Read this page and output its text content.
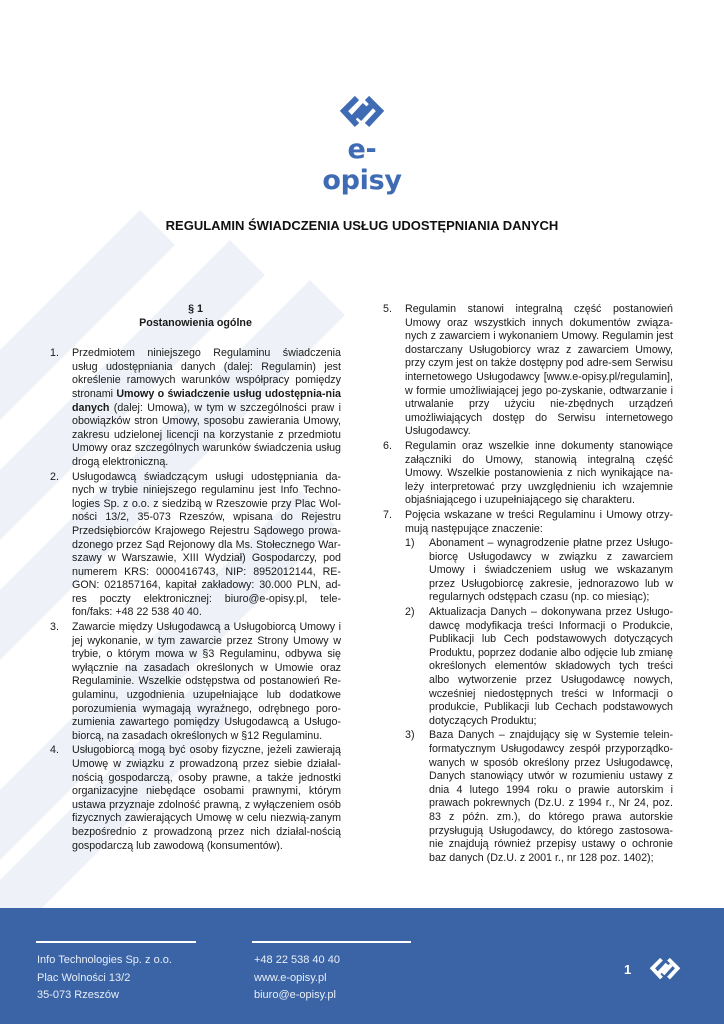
e-opisy
REGULAMIN ŚWIADCZENIA USŁUG UDOSTĘPNIANIA DANYCH
§ 1
Postanowienia ogólne
1.	Przedmiotem niniejszego Regulaminu świadczenia usług udostępniania danych (dalej: Regulamin) jest określenie ramowych warunków współpracy pomiędzy stronami Umowy o świadczenie usług udostępnia-nia danych (dalej: Umowa), w tym w szczególności praw i obowiązków stron Umowy, sposobu zawierania Umowy, zakresu udzielonej licencji na korzystanie z przedmiotu Umowy oraz szczególnych warunków świadczenia usług drogą elektroniczną.
2.	Usługodawcą świadczącym usługi udostępniania da-nych w trybie niniejszego regulaminu jest Info Techno-logies Sp. z o.o. z siedzibą w Rzeszowie przy Plac Wol-ności 13/2, 35-073 Rzeszów, wpisana do Rejestru Przedsiębiorców Krajowego Rejestru Sądowego prowa-dzonego przez Sąd Rejonowy dla Ms. Stołecznego War-szawy w Warszawie, XIII Wydział) Gospodarczy, pod numerem KRS: 0000416743, NIP: 8952012144, RE-GON: 021857164, kapitał zakładowy: 30.000 PLN, ad-res poczty elektronicznej: biuro@e-opisy.pl, tele-fon/faks: +48 22 538 40 40.
3.	Zawarcie między Usługodawcą a Usługobiorcą Umowy i jej wykonanie, w tym zawarcie przez Strony Umowy w trybie, o którym mowa w §3 Regulaminu, odbywa się wyłącznie na zasadach określonych w Umowie oraz Regulaminie. Wszelkie odstępstwa od postanowień Re-gulaminu, uzgodnienia uzupełniające lub dodatkowe porozumienia wymagają wyraźnego, odrębnego poro-zumienia zawartego pomiędzy Usługodawcą a Usługo-biorcą, na zasadach określonych w §12 Regulaminu.
4.	Usługobiorcą mogą być osoby fizyczne, jeżeli zawierają Umowę w związku z prowadzoną przez siebie działal-nością gospodarczą, osoby prawne, a także jednostki organizacyjne niebędące osobami prawnymi, którym ustawa przyznaje zdolność prawną, z wyłączeniem osób fizycznych zawierających Umowę w celu niezwią-zanym bezpośrednio z prowadzoną przez nich działal-nością gospodarczą lub zawodową (konsumentów).
5.	Regulamin stanowi integralną część postanowień Umowy oraz wszystkich innych dokumentów związa-nych z zawarciem i wykonaniem Umowy. Regulamin jest dostarczany Usługobiorcy wraz z zawarciem Umowy, przy czym jest on także dostępny pod adre-sem Serwisu internetowego Usługodawcy [www.e-opisy.pl/regulamin], w formie umożliwiającej jego po-zyskanie, odtwarzanie i utrwalanie przy użyciu nie-zbędnych urządzeń umożliwiających dostęp do Serwisu internetowego Usługodawcy.
6.	Regulamin oraz wszelkie inne dokumenty stanowiące załączniki do Umowy, stanowią integralną część Umowy. Wszelkie postanowienia z nich wynikające na-leży interpretować przy uwzględnieniu ich wzajemnie objaśniającego i uzupełniającego się charakteru.
7.	Pojęcia wskazane w treści Regulaminu i Umowy otrzy-mują następujące znaczenie:
1)	Abonament – wynagrodzenie płatne przez Usługo-biorcę Usługodawcy w związku z zawarciem Umowy i świadczeniem usług we wskazanym przez Usługobiorcę zakresie, jednorazowo lub w regularnych odstępach czasu (np. co miesiąc);
2)	Aktualizacja Danych – dokonywana przez Usługo-dawcę modyfikacja treści Informacji o Produkcie, Publikacji lub Cech podstawowych dotyczących Produktu, poprzez dodanie albo odjęcie lub zmianę określonych elementów składowych tych treści albo wytworzenie przez Usługodawcę nowych, wcześniej niedostępnych treści w Informacji o produkcie, Publikacji lub Cechach podstawowych dotyczących Produktu;
3)	Baza Danych – znajdujący się w Systemie telein-formatycznym Usługodawcy zespół przyporządko-wanych w sposób określony przez Usługodawcę, Danych stanowiący utwór w rozumieniu ustawy z dnia 4 lutego 1994 roku o prawie autorskim i prawach pokrewnych (Dz.U. z 1994 r., Nr 24, poz. 83 z późn. zm.), do którego prawa autorskie przysługują Usługodawcy, do którego zastosowa-nie znajdują również przepisy ustawy o ochronie baz danych (Dz.U. z 2001 r., nr 128 poz. 1402);
Info Technologies Sp. z o.o.
Plac Wolności 13/2
35-073 Rzeszów
+48 22 538 40 40
www.e-opisy.pl
biuro@e-opisy.pl
1
